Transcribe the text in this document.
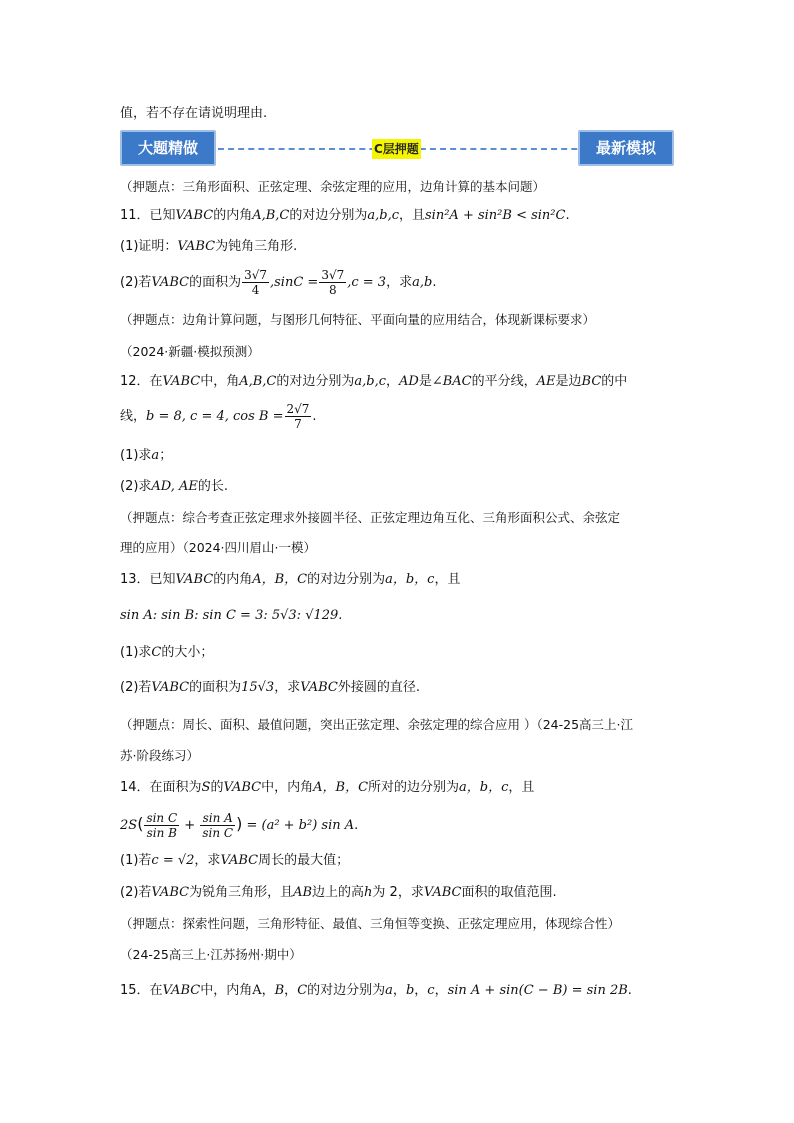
值，若不存在请说明理由.
大题精做	C层押题	最新模拟
（押题点：三角形面积、正弦定理、余弦定理的应用，边角计算的基本问题）
11．已知VABC的内角A,B,C的对边分别为a,b,c，且sin²A + sin²B < sin²C.
(1)证明：VABC为钝角三角形.
(2)若VABC的面积为 $\frac{3√7}{4} ,\sin C = \frac{3√7}{8} ,c = 3$，求a,b.
（押题点：边角计算问题，与图形几何特征、平面向量的应用结合，体现新课标要求）
（2024·新疆·模拟预测）
12．在VABC中，角A,B,C的对边分别为a,b,c，AD是∠BAC的平分线，AE是边BC的中
线，b = 8, c = 4, $\cos B = \frac{2√7}{7}$ .
(1)求a；
(2)求AD, AE的长.
（押题点：综合考查正弦定理求外接圆半径、正弦定理边角互化、三角形面积公式、余弦定
理的应用）（2024·四川眉山·一模）
13．已知VABC的内角A，B，C的对边分别为a，b，c，且
sin A: sin B: sin C = 3: 5√3: √129.
(1)求C的大小；
(2)若VABC的面积为15√3，求VABC外接圆的直径.
（押题点：周长、面积、最值问题，突出正弦定理、余弦定理的综合应用 ）（24-25高三上·江
苏·阶段练习）
14．在面积为S的VABC中，内角A，B，C所对的边分别为a，b，c，且
$2S( \frac{\text{sin C}}{\text{sin B}} + \frac{\text{sin A}}{\text{sin C}}$ ) = (a² + b²) sin A.
(1)若c = √2，求VABC周长的最大值；
(2)若VABC为锐角三角形，且AB边上的高h为 2，求VABC面积的取值范围.
（押题点：探索性问题，三角形特征、最值、三角恒等变换、正弦定理应用，体现综合性）
（24-25高三上·江苏扬州·期中）
15．在VABC中，内角A，B，C的对边分别为a，b，c，sin A + sin(C − B) = sin 2B.
